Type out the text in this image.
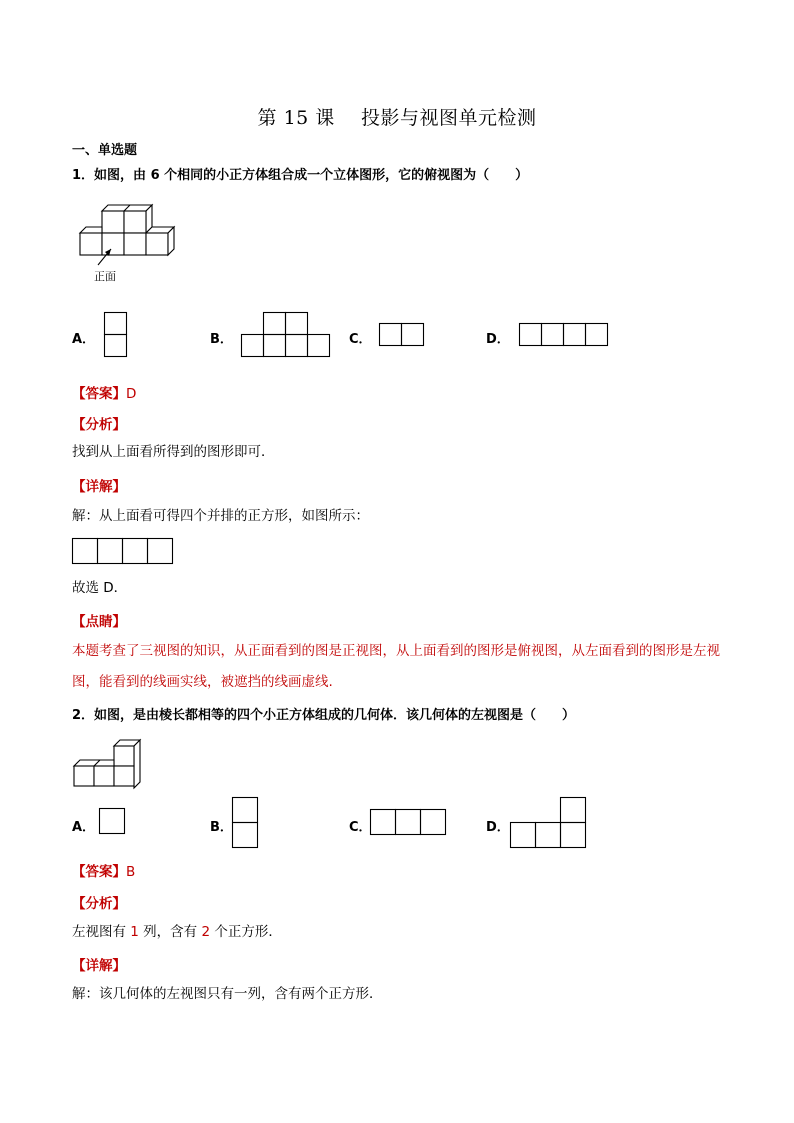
第 15 课    投影与视图单元检测
一、单选题
1．如图，由 6 个相同的小正方体组合成一个立体图形，它的俯视图为（　　）
正面
A．	B．	C．	D．
【答案】D
【分析】
找到从上面看所得到的图形即可．
【详解】
解：从上面看可得四个并排的正方形，如图所示：
故选 D．
【点睛】
本题考查了三视图的知识，从正面看到的图是正视图，从上面看到的图形是俯视图，从左面看到的图形是左视图，能看到的线画实线，被遮挡的线画虚线.
2．如图，是由棱长都相等的四个小正方体组成的几何体．该几何体的左视图是（　　）
A．	B．	C．	D．
【答案】B
【分析】
左视图有 1 列，含有 2 个正方形．
【详解】
解：该几何体的左视图只有一列，含有两个正方形．
